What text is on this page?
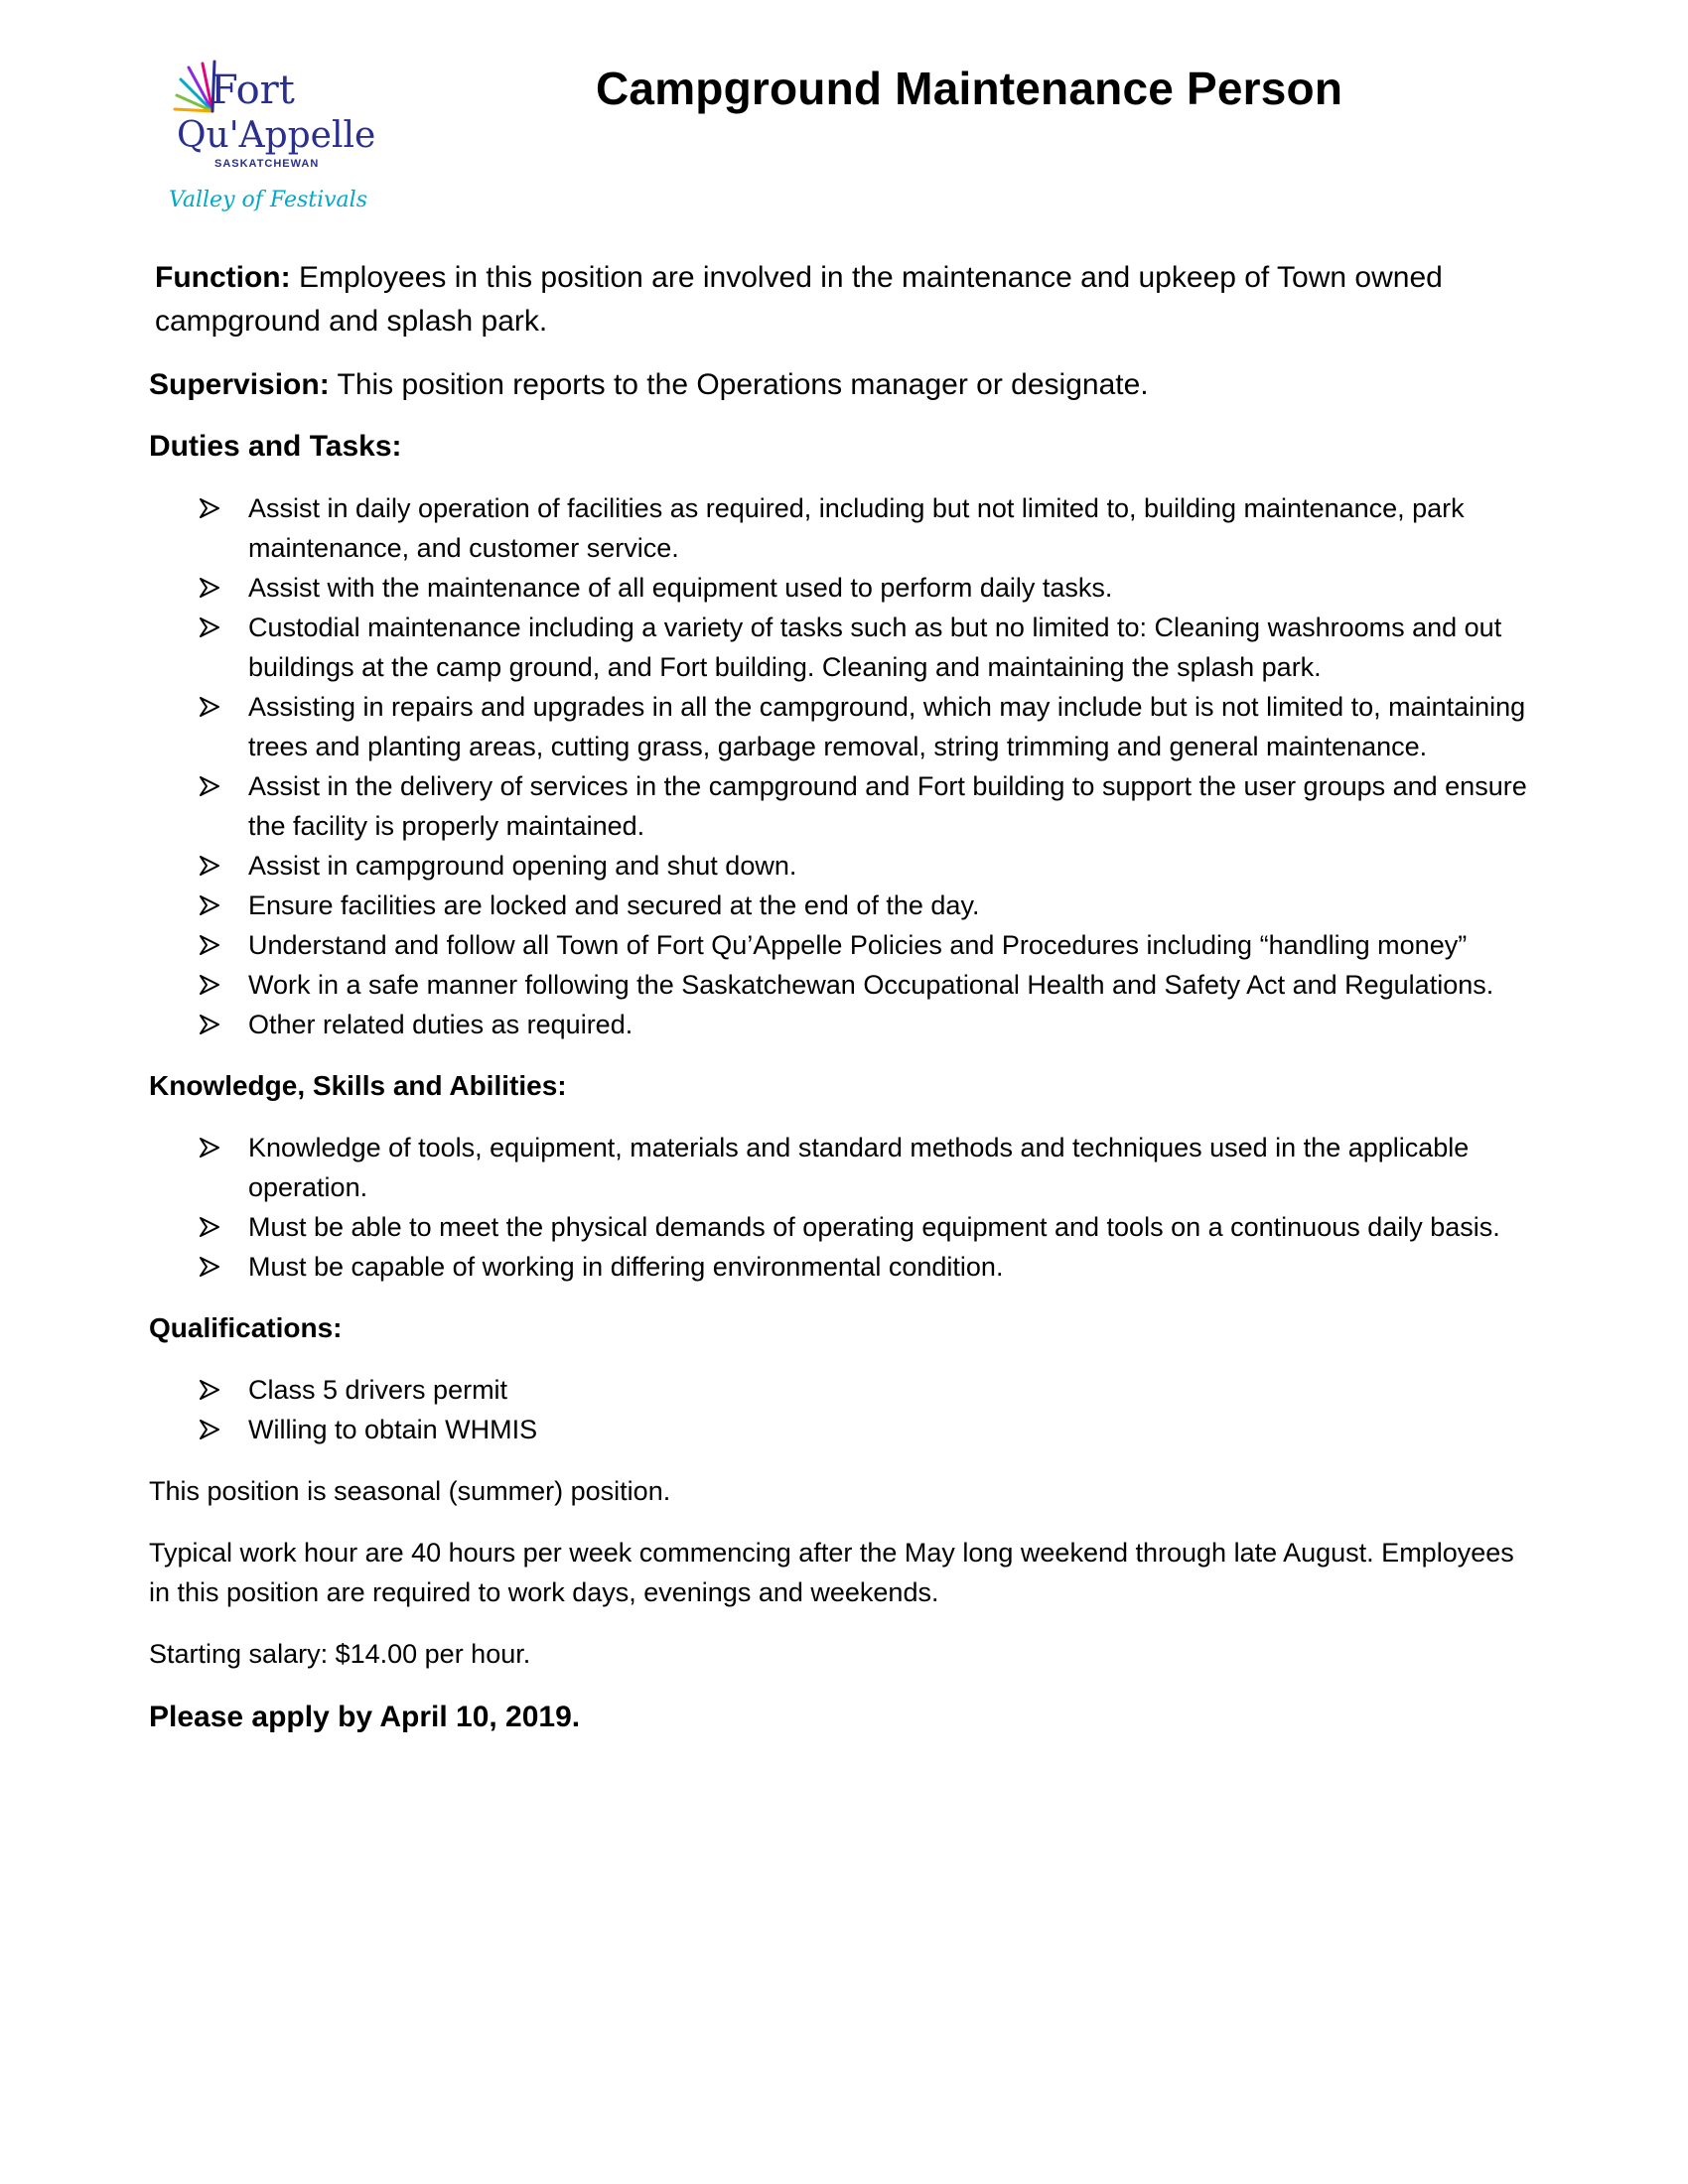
Fort
Qu'Appelle
SASKATCHEWAN
Valley of Festivals
Campground Maintenance Person

Function: Employees in this position are involved in the maintenance and upkeep of Town owned campground and splash park.

Supervision: This position reports to the Operations manager or designate.

Duties and Tasks:

Assist in daily operation of facilities as required, including but not limited to, building maintenance, park maintenance, and customer service.
Assist with the maintenance of all equipment used to perform daily tasks.
Custodial maintenance including a variety of tasks such as but no limited to: Cleaning washrooms and out buildings at the camp ground, and Fort building. Cleaning and maintaining the splash park.
Assisting in repairs and upgrades in all the campground, which may include but is not limited to, maintaining trees and planting areas, cutting grass, garbage removal, string trimming and general maintenance.
Assist in the delivery of services in the campground and Fort building to support the user groups and ensure the facility is properly maintained.
Assist in campground opening and shut down.
Ensure facilities are locked and secured at the end of the day.
Understand and follow all Town of Fort Qu’Appelle Policies and Procedures including “handling money”
Work in a safe manner following the Saskatchewan Occupational Health and Safety Act and Regulations.
Other related duties as required.

Knowledge, Skills and Abilities:

Knowledge of tools, equipment, materials and standard methods and techniques used in the applicable operation.
Must be able to meet the physical demands of operating equipment and tools on a continuous daily basis.
Must be capable of working in differing environmental condition.

Qualifications:

Class 5 drivers permit
Willing to obtain WHMIS

This position is seasonal (summer) position.

Typical work hour are 40 hours per week commencing after the May long weekend through late August. Employees in this position are required to work days, evenings and weekends.

Starting salary: $14.00 per hour.

Please apply by April 10, 2019.
